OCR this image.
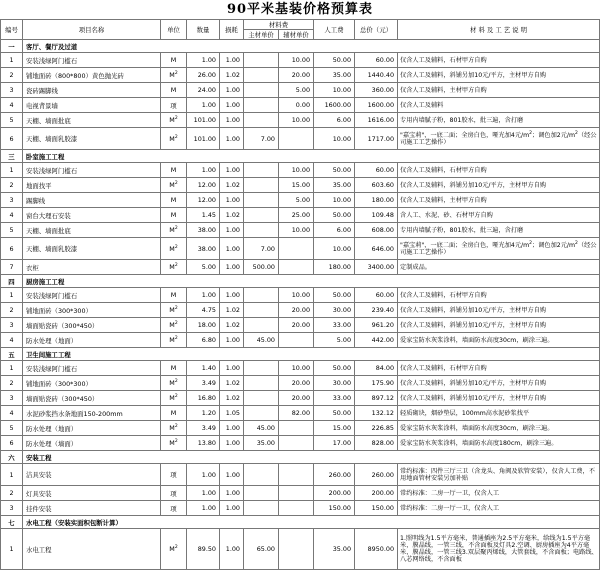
90平米基装价格预算表
编号	项目名称	单位	数量	损耗	材料费		人工费	总价（元）	材 料 及 工 艺 说 明
					主材单价	辅材单价			
一	客厅、餐厅及过道								
1	安装浅绿阿门槛石	M	1.00	1.00		10.00	50.00	60.00	仅含人工及辅料，石材甲方自购
2	铺地面砖（800*800）黄色抛光砖	$M^2$	26.00	1.02		20.00	35.00	1440.40	仅含人工及辅料，斜铺另加10元/平方，主材甲方自购
3	瓷砖踢脚线	M	24.00	1.00		5.00	10.00	360.00	仅含人工及辅料，主材甲方自购
4	电视背景墙	项	1.00	1.00		0.00	1600.00	1600.00	仅含人工及辅料
5	天棚、墙面批底	$M^2$	101.00	1.00		10.00	6.00	1616.00	专用内墙腻子粉，801胶水，批三遍，含打磨
6	天棚、墙面乳胶漆	$M^2$	101.00	1.00	7.00		10.00	1717.00	"嘉宝莉"，一底二面；全房白色，哑光加4元$/m^2$；调色加2元$/m^2$（经公司施工工艺操作）
三	卧室施工工程								
1	安装浅绿阿门槛石	M	1.00	1.00		10.00	50.00	60.00	仅含人工及辅料，石材甲方自购
2	地面找平	$M^2$	12.00	1.02		15.00	35.00	603.60	仅含人工及辅料，斜铺另加10元/平方，主材甲方自购
3	踢脚线	M	12.00	1.00		5.00	10.00	180.00	仅含人工及辅料，主材甲方自购
4	窗台大理石安装	M	1.45	1.02		25.00	50.00	109.48	含人工、水泥、砂、石材甲方自购
5	天棚、墙面批底	$M^2$	38.00	1.00		10.00	6.00	608.00	专用内墙腻子粉，801胶水，批三遍，含打磨
6	天棚、墙面乳胶漆	$M^2$	38.00	1.00	7.00		10.00	646.00	"嘉宝莉"，一底二面；全房白色，哑光加4元$/m^2$；调色加2元$/m^2$（经公司施工工艺操作）
7	衣柜	$M^2$	5.00	1.00	500.00		180.00	3400.00	定制成品。
四	厨房施工工程								
1	安装浅绿阿门槛石	M	1.00	1.00		10.00	50.00	60.00	仅含人工及辅料，石材甲方自购
2	铺地面砖（300*300）	$M^2$	4.75	1.02		20.00	30.00	239.40	仅含人工及辅料，斜铺另加10元/平方，主材甲方自购
3	墙面贴瓷砖（300*450）	$M^2$	18.00	1.02		20.00	33.00	961.20	仅含人工及辅料，斜铺另加10元/平方，主材甲方自购
4	防水处理（地面）	$M^2$	6.80	1.00	45.00		5.00	442.00	爱家宝防水灰浆涂料，墙面防水高度30cm，刷涂三遍。
五	卫生间施工工程								
1	安装浅绿阿门槛石	M	1.40	1.00		10.00	50.00	84.00	仅含人工及辅料，石材甲方自购
2	铺地面砖（300*300）	$M^2$	3.49	1.02		20.00	30.00	175.90	仅含人工及辅料，斜铺另加10元/平方，主材甲方自购
3	墙面贴瓷砖（300*450）	$M^2$	16.80	1.02		20.00	33.00	897.12	仅含人工及辅料，斜铺另加10元/平方，主材甲方自购
4	水泥砂浆挡水条地面150-200mm	M	1.20	1.05		82.00	50.00	132.12	轻质砌块，烟砂垫层，100mm高水泥砂浆找平
5	防水处理（地面）	$M^2$	3.49	1.00	45.00		15.00	226.85	爱家宝防水灰浆涂料，墙面防水高度30cm，刷涂三遍。
6	防水处理（墙面）	$M^2$	13.80	1.00	35.00		17.00	828.00	爱家宝防水灰浆涂料，墙面防水高度180cm，刷涂三遍。
六	安装工程								
1	洁具安装	项	1.00	1.00			260.00	260.00	常约标准：四件三厅三卫（含龙头、角阀及软管安装），仅含人工费，不用地面管材安装另加补贴
2	灯具安装	项	1.00	1.00			200.00	200.00	常约标准：二房一厅一卫，仅含人工
3	挂件安装	项	1.00	1.00			150.00	150.00	常约标准：二房一厅一卫，仅含人工
七	水电工程（安装实面积包断计算）								
1	水电工程	$M^2$	89.50	1.00	65.00		35.00	8950.00	1.照明线为1.5平方毫米，普通插座为2.5平方毫米，给线为1.5平方毫米，膜晶线，一管三线，不含面板及灯具2.空调、厨房插座为4平方毫米，膜晶线，一管三线3.双层聚丙烯线，大管套线，不含面板；电路线、八芯网络线，不含面板
